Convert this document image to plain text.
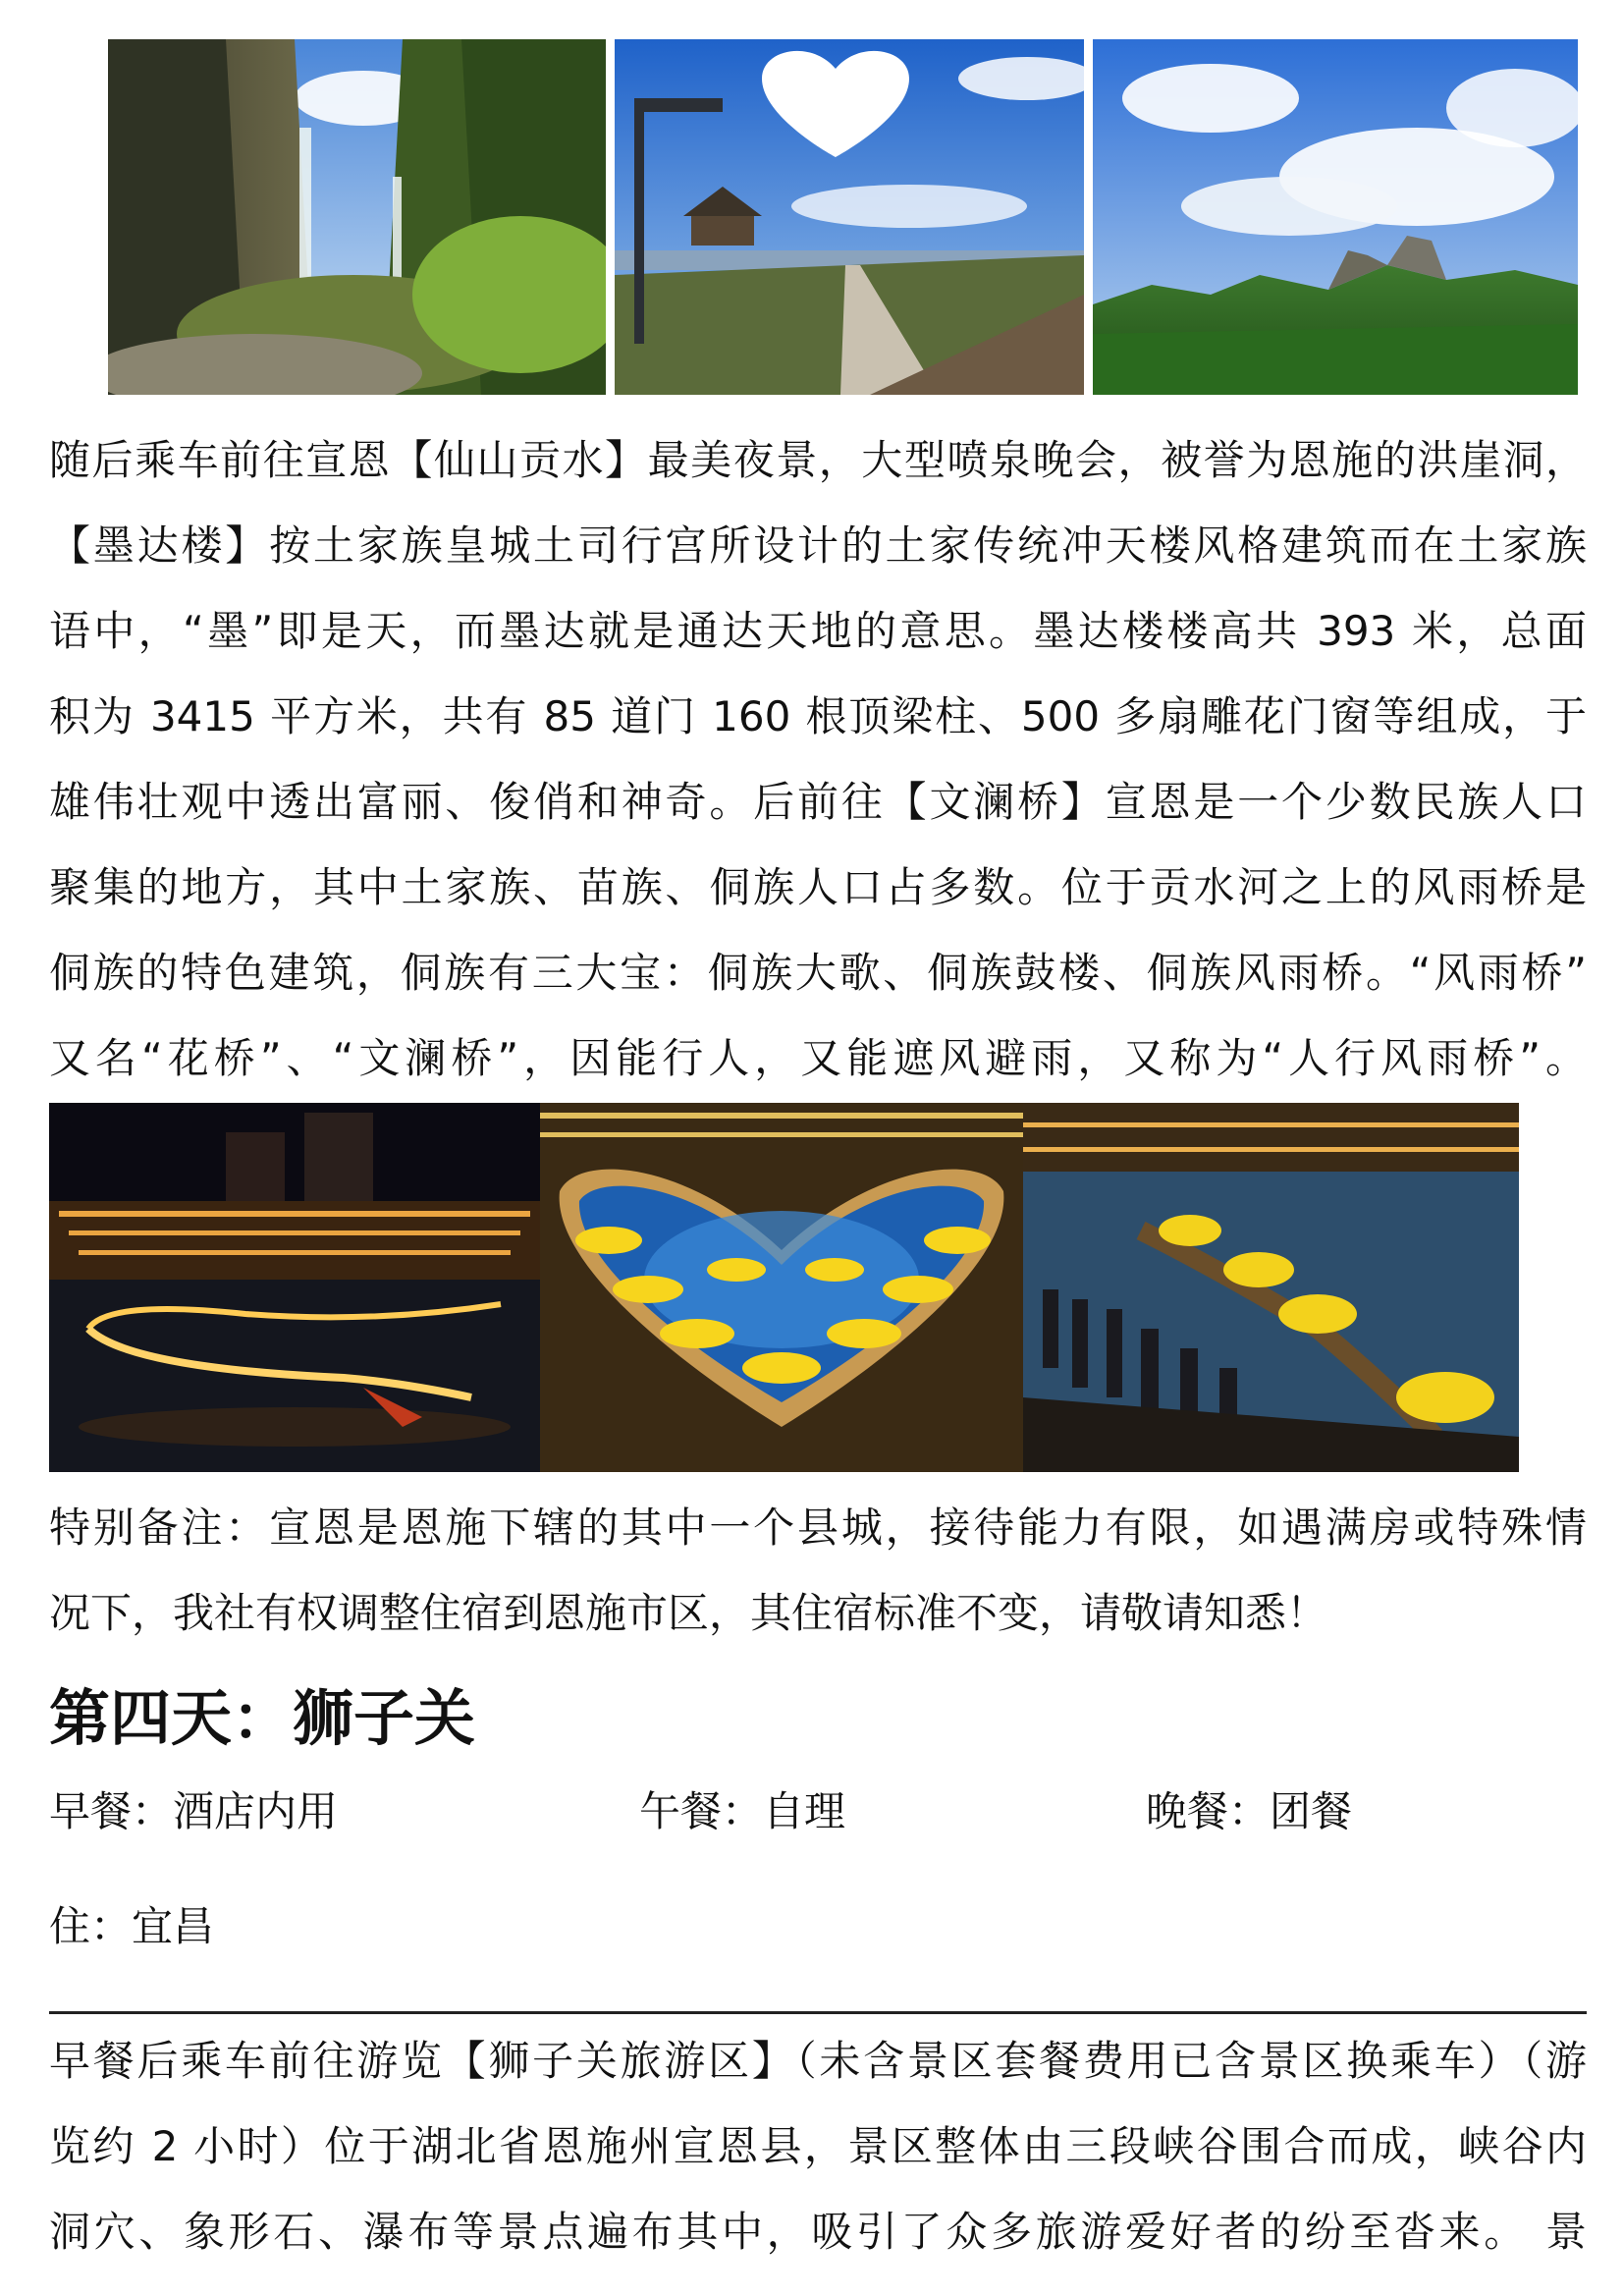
随后乘车前往宣恩【仙山贡水】最美夜景，大型喷泉晚会，被誉为恩施的洪崖洞，
【墨达楼】按土家族皇城土司行宫所设计的土家传统冲天楼风格建筑而在土家族
语中，“墨”即是天，而墨达就是通达天地的意思。墨达楼楼高共 393 米，总面
积为 3415 平方米，共有 85 道门 160 根顶梁柱、500 多扇雕花门窗等组成，于
雄伟壮观中透出富丽、俊俏和神奇。后前往【文澜桥】宣恩是一个少数民族人口
聚集的地方，其中土家族、苗族、侗族人口占多数。位于贡水河之上的风雨桥是
侗族的特色建筑，侗族有三大宝：侗族大歌、侗族鼓楼、侗族风雨桥。“风雨桥”
又名“花桥”、“文澜桥”，因能行人，又能遮风避雨，又称为“人行风雨桥”。
特别备注：宣恩是恩施下辖的其中一个县城，接待能力有限，如遇满房或特殊情
况下，我社有权调整住宿到恩施市区，其住宿标准不变，请敬请知悉！
第四天：狮子关
早餐：酒店内用	午餐：自理	晚餐：团餐
住：宜昌
早餐后乘车前往游览【狮子关旅游区】（未含景区套餐费用已含景区换乘车）（游
览约 2 小时）位于湖北省恩施州宣恩县，景区整体由三段峡谷围合而成，峡谷内
洞穴、象形石、瀑布等景点遍布其中，吸引了众多旅游爱好者的纷至沓来。 景
